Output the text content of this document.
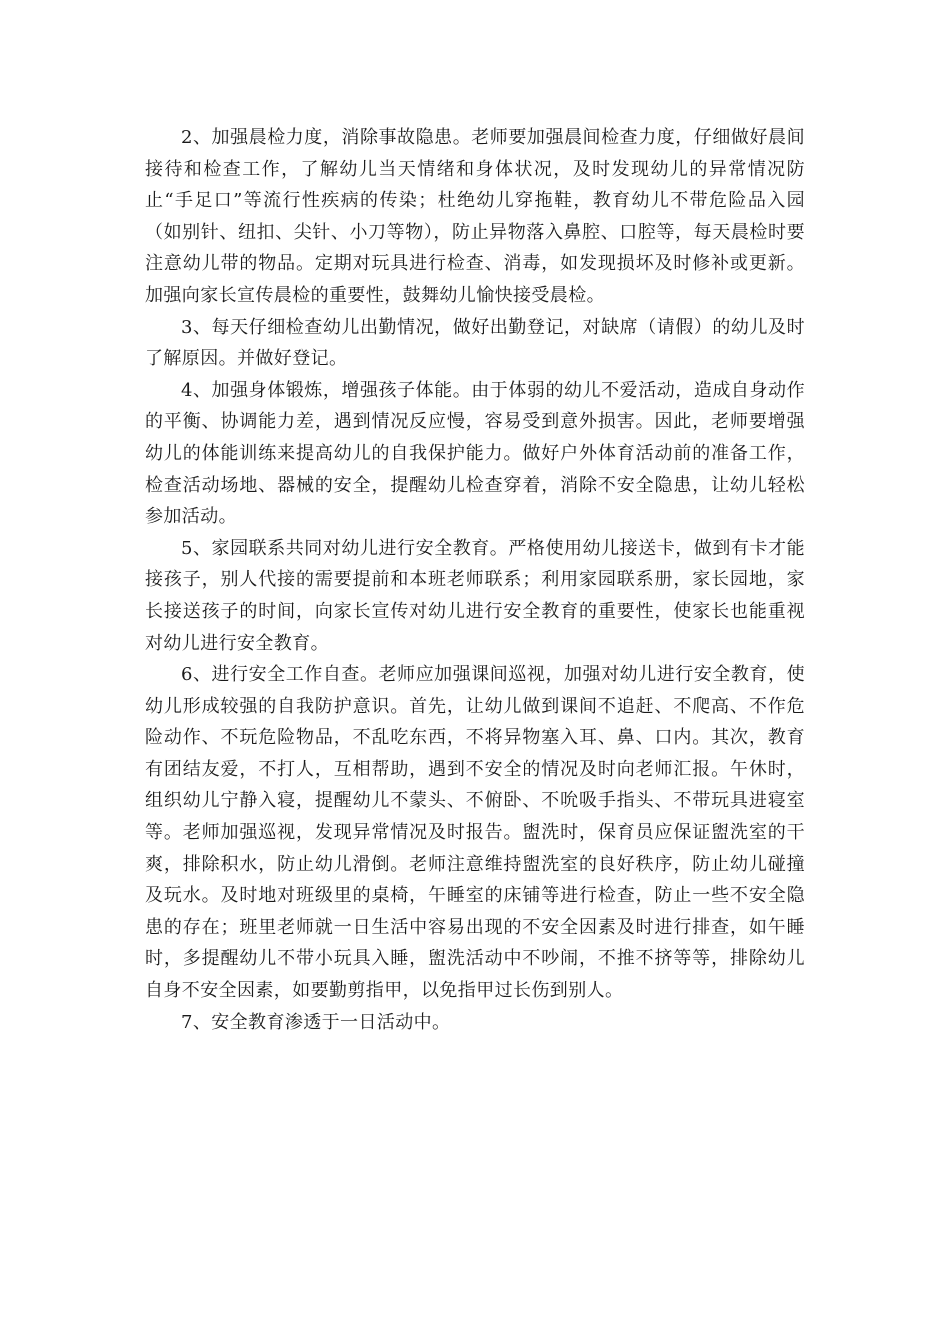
2、加强晨检力度，消除事故隐患。老师要加强晨间检查力度，仔细做好晨间接待和检查工作，了解幼儿当天情绪和身体状况，及时发现幼儿的异常情况防止“手足口”等流行性疾病的传染；杜绝幼儿穿拖鞋，教育幼儿不带危险品入园（如别针、纽扣、尖针、小刀等物），防止异物落入鼻腔、口腔等，每天晨检时要注意幼儿带的物品。定期对玩具进行检查、消毒，如发现损坏及时修补或更新。加强向家长宣传晨检的重要性，鼓舞幼儿愉快接受晨检。

3、每天仔细检查幼儿出勤情况，做好出勤登记，对缺席（请假）的幼儿及时了解原因。并做好登记。

4、加强身体锻炼，增强孩子体能。由于体弱的幼儿不爱活动，造成自身动作的平衡、协调能力差，遇到情况反应慢，容易受到意外损害。因此，老师要增强幼儿的体能训练来提高幼儿的自我保护能力。做好户外体育活动前的准备工作，检查活动场地、器械的安全，提醒幼儿检查穿着，消除不安全隐患，让幼儿轻松参加活动。

5、家园联系共同对幼儿进行安全教育。严格使用幼儿接送卡，做到有卡才能接孩子，别人代接的需要提前和本班老师联系；利用家园联系册，家长园地，家长接送孩子的时间，向家长宣传对幼儿进行安全教育的重要性，使家长也能重视对幼儿进行安全教育。

6、进行安全工作自查。老师应加强课间巡视，加强对幼儿进行安全教育，使幼儿形成较强的自我防护意识。首先，让幼儿做到课间不追赶、不爬高、不作危险动作、不玩危险物品，不乱吃东西，不将异物塞入耳、鼻、口内。其次，教育有团结友爱，不打人，互相帮助，遇到不安全的情况及时向老师汇报。午休时，组织幼儿宁静入寝，提醒幼儿不蒙头、不俯卧、不吮吸手指头、不带玩具进寝室等。老师加强巡视，发现异常情况及时报告。盥洗时，保育员应保证盥洗室的干爽，排除积水，防止幼儿滑倒。老师注意维持盥洗室的良好秩序，防止幼儿碰撞及玩水。及时地对班级里的桌椅，午睡室的床铺等进行检查，防止一些不安全隐患的存在；班里老师就一日生活中容易出现的不安全因素及时进行排查，如午睡时，多提醒幼儿不带小玩具入睡，盥洗活动中不吵闹，不推不挤等等，排除幼儿自身不安全因素，如要勤剪指甲，以免指甲过长伤到别人。

7、安全教育渗透于一日活动中。
